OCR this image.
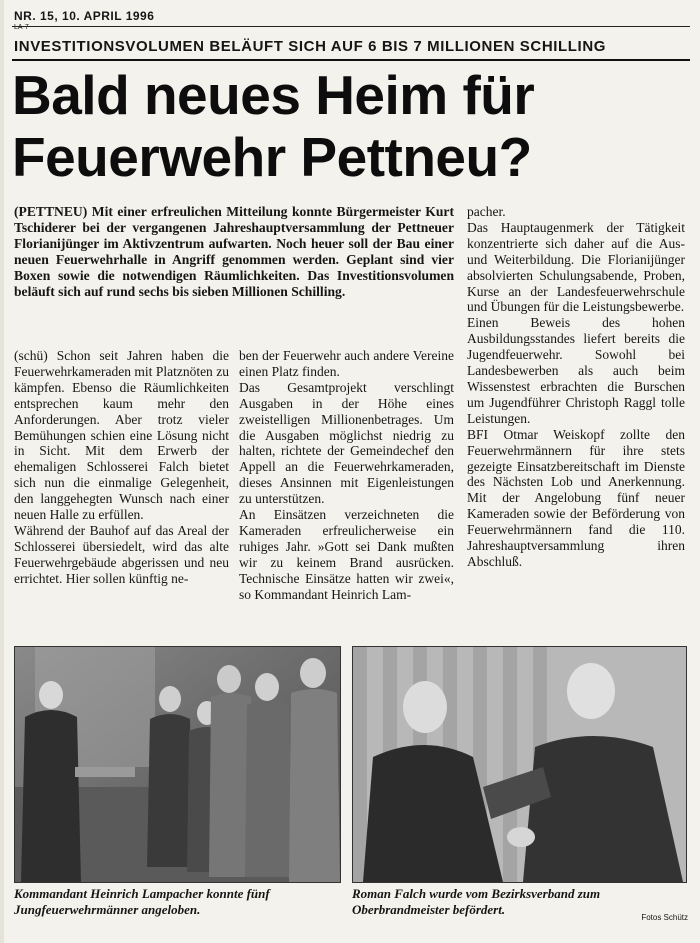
NR. 15, 10. APRIL 1996
LA-7
INVESTITIONSVOLUMEN BELÄUFT SICH AUF 6 BIS 7 MILLIONEN SCHILLING
Bald neues Heim für
Feuerwehr Pettneu?
(PETTNEU) Mit einer erfreulichen Mitteilung konnte Bürgermeister Kurt Tschiderer bei der vergangenen Jahreshauptversammlung der Pettneuer Florianijünger im Aktivzentrum aufwarten. Noch heuer soll der Bau einer neuen Feuerwehrhalle in Angriff genommen werden. Geplant sind vier Boxen sowie die notwendigen Räumlichkeiten. Das Investitionsvolumen beläuft sich auf rund sechs bis sieben Millionen Schilling.

(schü) Schon seit Jahren haben die Feuerwehrkameraden mit Platznöten zu kämpfen. Ebenso die Räumlichkeiten entsprechen kaum mehr den Anforderungen. Aber trotz vieler Bemühungen schien eine Lösung nicht in Sicht. Mit dem Erwerb der ehemaligen Schlosserei Falch bietet sich nun die einmalige Gelegenheit, den langgehegten Wunsch nach einer neuen Halle zu erfüllen.

Während der Bauhof auf das Areal der Schlosserei übersiedelt, wird das alte Feuerwehrgebäude abgerissen und neu errichtet. Hier sollen künftig ne-

ben der Feuerwehr auch andere Vereine einen Platz finden.

Das Gesamtprojekt verschlingt Ausgaben in der Höhe eines zweistelligen Millionenbetrages. Um die Ausgaben möglichst niedrig zu halten, richtete der Gemeindechef den Appell an die Feuerwehrkameraden, dieses Ansinnen mit Eigenleistungen zu unterstützen.

An Einsätzen verzeichneten die Kameraden erfreulicherweise ein ruhiges Jahr. »Gott sei Dank mußten wir zu keinem Brand ausrücken. Technische Einsätze hatten wir zwei«, so Kommandant Heinrich Lam-

pacher.

Das Hauptaugenmerk der Tätigkeit konzentrierte sich daher auf die Aus- und Weiterbildung. Die Florianijünger absolvierten Schulungsabende, Proben, Kurse an der Landesfeuerwehrschule und Übungen für die Leistungsbewerbe.

Einen Beweis des hohen Ausbildungsstandes liefert bereits die Jugendfeuerwehr. Sowohl bei Landesbewerben als auch beim Wissenstest erbrachten die Burschen um Jugendführer Christoph Raggl tolle Leistungen.

BFI Otmar Weiskopf zollte den Feuerwehrmännern für ihre stets gezeigte Einsatzbereitschaft im Dienste des Nächsten Lob und Anerkennung. Mit der Angelobung fünf neuer Kameraden sowie der Beförderung von Feuerwehrmännern fand die 110. Jahreshauptversammlung ihren Abschluß.

Kommandant Heinrich Lampacher konnte fünf Jungfeuerwehrmänner angeloben.
Roman Falch wurde vom Bezirksverband zum Oberbrandmeister befördert.
Fotos Schütz
